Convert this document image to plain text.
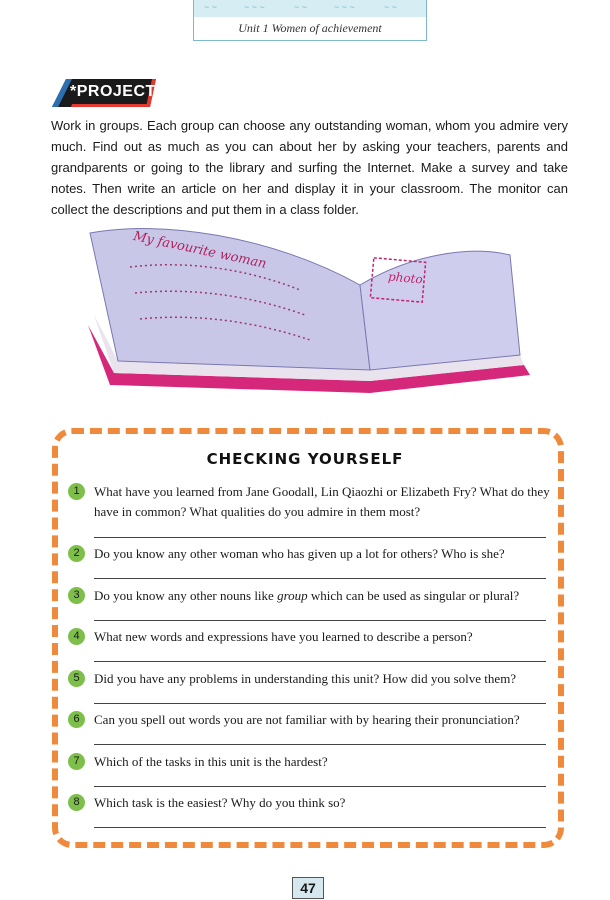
~ ~	~ ~ ~	~ ~	~ ~ ~	~ ~
Unit 1 Women of achievement
*PROJECT
Work in groups. Each group can choose any outstanding woman, whom you admire very much. Find out as much as you can about her by asking your teachers, parents and grandparents or going to the library and surfing the Internet. Make a survey and take notes. Then write an article on her and display it in your classroom. The monitor can collect the descriptions and put them in a class folder.
My favourite woman
photo
CHECKING YOURSELF
1	What have you learned from Jane Goodall, Lin Qiaozhi or Elizabeth Fry? What do they have in common? What qualities do you admire in them most?
2	Do you know any other woman who has given up a lot for others? Who is she?
3	Do you know any other nouns like group which can be used as singular or plural?
4	What new words and expressions have you learned to describe a person?
5	Did you have any problems in understanding this unit? How did you solve them?
6	Can you spell out words you are not familiar with by hearing their pronunciation?
7	Which of the tasks in this unit is the hardest?
8	Which task is the easiest? Why do you think so?
47
